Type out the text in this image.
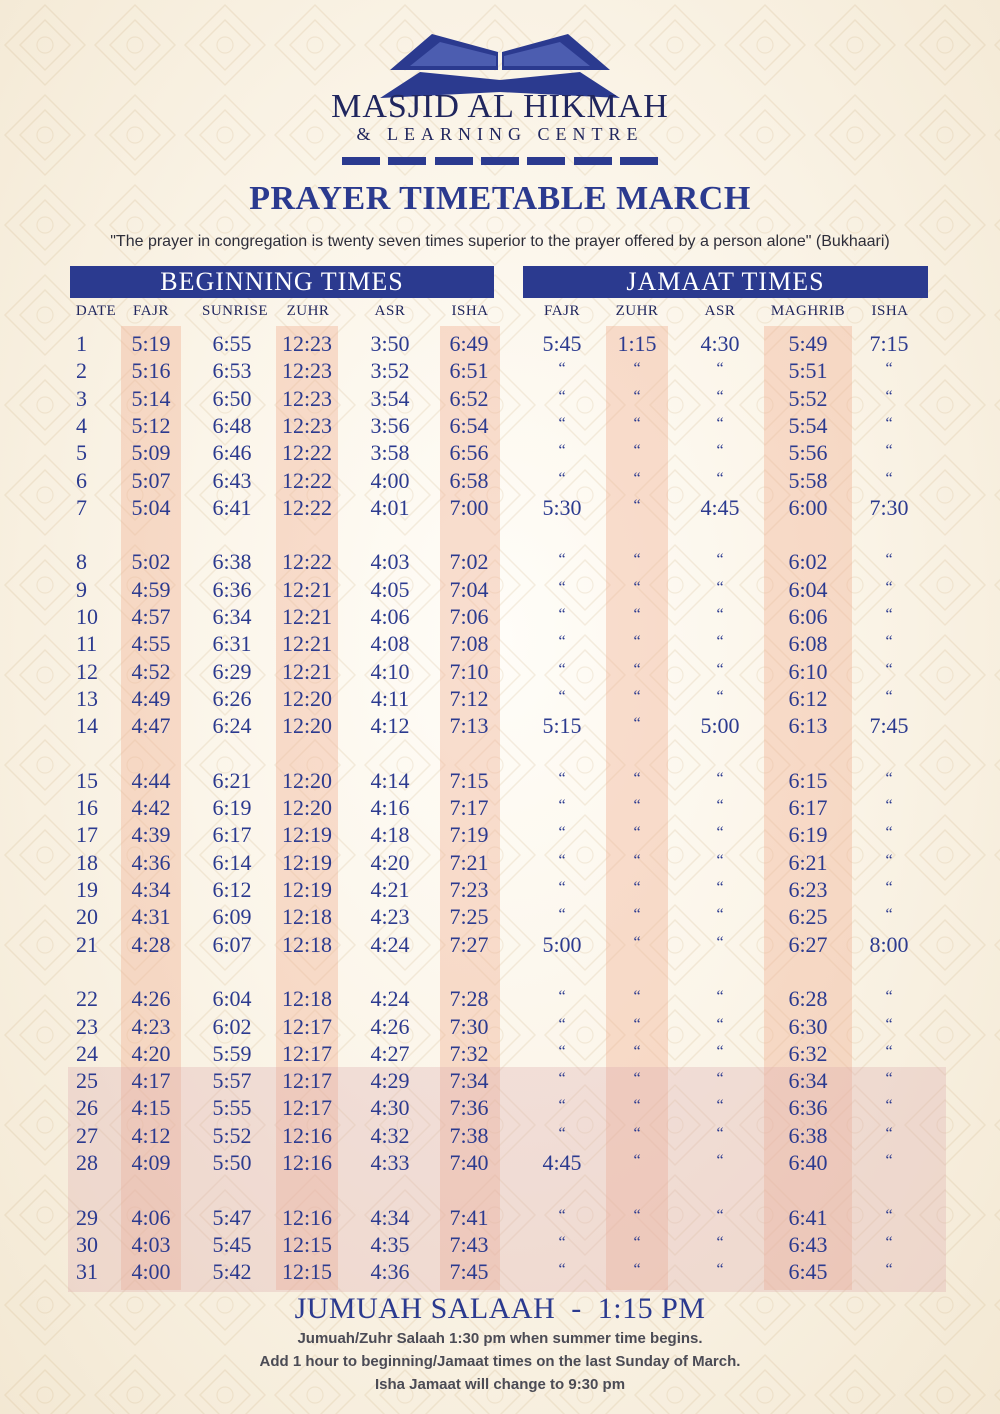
MASJID AL HIKMAH
& LEARNING CENTRE
PRAYER TIMETABLE MARCH
"The prayer in congregation is twenty seven times superior to the prayer offered by a person alone" (Bukhaari)
BEGINNING TIMES	JAMAAT TIMES
DATE FAJR SUNRISE ZUHR	ASR	ISHA	FAJR ZUHR	ASR MAGHRIB ISHA
1 5:19 6:55 12:23 3:50 6:49 5:45 1:15 4:30 5:49 7:15
2 5:16 6:53 12:23 3:52 6:51	“	“	“	5:51	“
3 5:14 6:50 12:23 3:54 6:52	“	“	“	5:52	“
4 5:12 6:48 12:23 3:56 6:54	“	“	“	5:54	“
5 5:09 6:46 12:22 3:58 6:56	“	“	“	5:56	“
6 5:07 6:43 12:22 4:00 6:58	“	“	“	5:58	“
7 5:04 6:41 12:22 4:01 7:00 5:30	“	4:45 6:00 7:30
8 5:02 6:38 12:22 4:03 7:02	“	“	“	6:02	“
9 4:59 6:36 12:21 4:05 7:04	“	“	“	6:04	“
10 4:57 6:34 12:21 4:06 7:06	“	“	“	6:06	“
11 4:55 6:31 12:21 4:08 7:08	“	“	“	6:08	“
12 4:52 6:29 12:21 4:10 7:10	“	“	“	6:10	“
13 4:49 6:26 12:20 4:11 7:12	“	“	“	6:12	“
14 4:47 6:24 12:20 4:12 7:13 5:15	“	5:00 6:13 7:45
15 4:44 6:21 12:20 4:14 7:15	“	“	“	6:15	“
16 4:42 6:19 12:20 4:16 7:17	“	“	“	6:17	“
17 4:39 6:17 12:19 4:18 7:19	“	“	“	6:19	“
18 4:36 6:14 12:19 4:20 7:21	“	“	“	6:21	“
19 4:34 6:12 12:19 4:21 7:23	“	“	“	6:23	“
20 4:31 6:09 12:18 4:23 7:25	“	“	“	6:25	“
21 4:28 6:07 12:18 4:24 7:27 5:00	“	“	6:27 8:00
22 4:26 6:04 12:18 4:24 7:28	“	“	“	6:28	“
23 4:23 6:02 12:17 4:26 7:30	“	“	“	6:30	“
24 4:20 5:59 12:17 4:27 7:32	“	“	“	6:32	“
25 4:17 5:57 12:17 4:29 7:34	“	“	“	6:34	“
26 4:15 5:55 12:17 4:30 7:36	“	“	“	6:36	“
27 4:12 5:52 12:16 4:32 7:38	“	“	“	6:38	“
28 4:09 5:50 12:16 4:33 7:40 4:45	“	“	6:40	“
29 4:06 5:47 12:16 4:34 7:41	“	“	“	6:41	“
30 4:03 5:45 12:15 4:35 7:43	“	“	“	6:43	“
31 4:00 5:42 12:15 4:36 7:45	“	“	“	6:45	“
JUMUAH SALAAH  -  1:15 PM
Jumuah/Zuhr Salaah 1:30 pm when summer time begins.
Add 1 hour to beginning/Jamaat times on the last Sunday of March.
Isha Jamaat will change to 9:30 pm
